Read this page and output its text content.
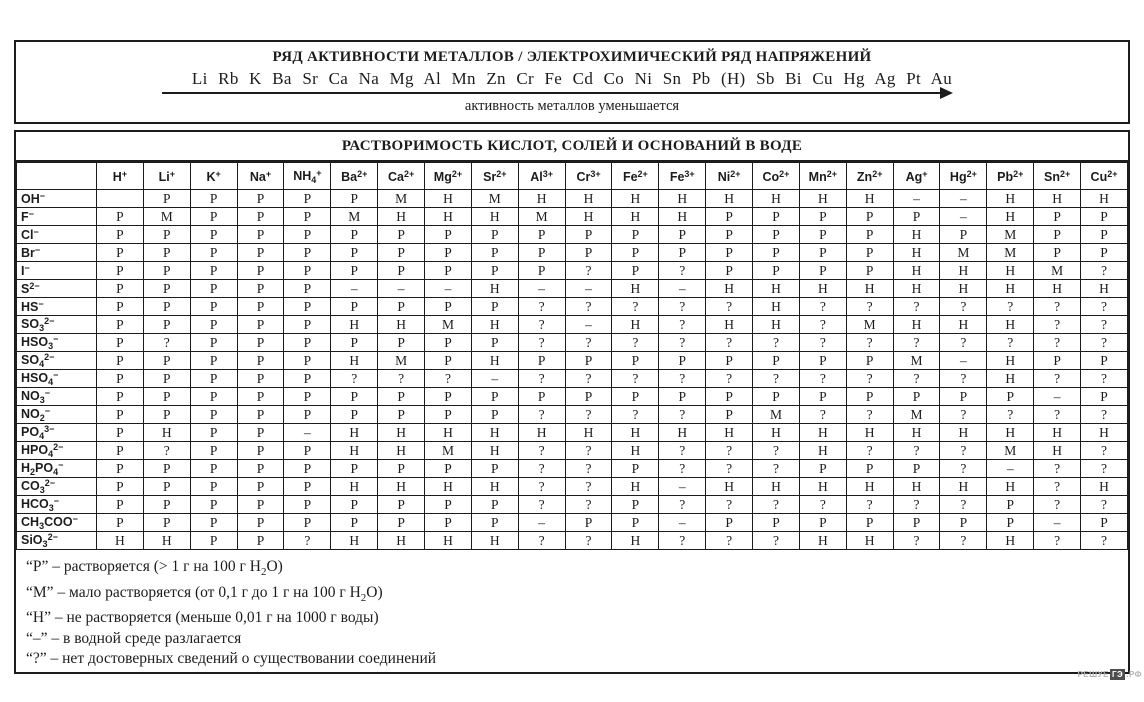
РЯД АКТИВНОСТИ МЕТАЛЛОВ / ЭЛЕКТРОХИМИЧЕСКИЙ РЯД НАПРЯЖЕНИЙ
Li Rb K Ba Sr Ca Na Mg Al Mn Zn Cr Fe Cd Co Ni Sn Pb (H) Sb Bi Cu Hg Ag Pt Au
активность металлов уменьшается
РАСТВОРИМОСТЬ КИСЛОТ, СОЛЕЙ И ОСНОВАНИЙ В ВОДЕ
	H+	Li+	K+	Na+	$NH_4^+$	$Ba^{2+}$	$Ca^{2+}$	$Mg^{2+}$	$Sr^{2+}$	$Al^{3+}$	$Cr^{3+}$	$Fe^{2+}$	$Fe^{3+}$	$Ni^{2+}$	$Co^{2+}$	$Mn^{2+}$	$Zn^{2+}$	Ag+	$Hg^{2+}$	$Pb^{2+}$	$Sn^{2+}$	$Cu^{2+}$
OH−		Р	Р	Р	Р	Р	М	Н	М	Н	Н	Н	Н	Н	Н	Н	Н	–	–	Н	Н	Н
F−	Р	М	Р	Р	Р	М	Н	Н	Н	М	Н	Н	Н	Р	Р	Р	Р	Р	–	Н	Р	Р
Cl−	Р	Р	Р	Р	Р	Р	Р	Р	Р	Р	Р	Р	Р	Р	Р	Р	Р	Н	Р	М	Р	Р
Br−	Р	Р	Р	Р	Р	Р	Р	Р	Р	Р	Р	Р	Р	Р	Р	Р	Р	Н	М	М	Р	Р
I−	Р	Р	Р	Р	Р	Р	Р	Р	Р	Р	?	Р	?	Р	Р	Р	Р	Н	Н	Н	М	?
$S^{2-}$	Р	Р	Р	Р	Р	–	–	–	Н	–	–	Н	–	Н	Н	Н	Н	Н	Н	Н	Н	Н
HS−	Р	Р	Р	Р	Р	Р	Р	Р	Р	?	?	?	?	?	Н	?	?	?	?	?	?	?
$SO_3^{2-}$	Р	Р	Р	Р	Р	Н	Н	М	Н	?	–	Н	?	Н	Н	?	М	Н	Н	Н	?	?
$HSO_3^-$	Р	?	Р	Р	Р	Р	Р	Р	Р	?	?	?	?	?	?	?	?	?	?	?	?	?
$SO_4^{2-}$	Р	Р	Р	Р	Р	Н	М	Р	Н	Р	Р	Р	Р	Р	Р	Р	Р	М	–	Н	Р	Р
$HSO_4^-$	Р	Р	Р	Р	Р	?	?	?	–	?	?	?	?	?	?	?	?	?	?	Н	?	?
$NO_3^-$	Р	Р	Р	Р	Р	Р	Р	Р	Р	Р	Р	Р	Р	Р	Р	Р	Р	Р	Р	Р	–	Р
$NO_2^-$	Р	Р	Р	Р	Р	Р	Р	Р	Р	?	?	?	?	Р	М	?	?	М	?	?	?	?
$PO_4^{3-}$	Р	Н	Р	Р	–	Н	Н	Н	Н	Н	Н	Н	Н	Н	Н	Н	Н	Н	Н	Н	Н	Н
$HPO_4^{2-}$	Р	?	Р	Р	Р	Н	Н	М	Н	?	?	Н	?	?	?	Н	?	?	?	М	Н	?
$H_2PO_4^-$	Р	Р	Р	Р	Р	Р	Р	Р	Р	?	?	Р	?	?	?	Р	Р	Р	?	–	?	?
$CO_3^{2-}$	Р	Р	Р	Р	Р	Н	Н	Н	Н	?	?	Н	–	Н	Н	Н	Н	Н	Н	Н	?	Н
$HCO_3^-$	Р	Р	Р	Р	Р	Р	Р	Р	Р	?	?	Р	?	?	?	?	?	?	?	Р	?	?
$CH_3COO^-$	Р	Р	Р	Р	Р	Р	Р	Р	Р	–	Р	Р	–	Р	Р	Р	Р	Р	Р	Р	–	Р
SiO$_3^{2-}$	Н	Н	Р	Р	?	Н	Н	Н	Н	?	?	Н	?	?	?	Н	Н	?	?	Н	?	?
“Р” – растворяется (> 1 г на 100 г $H_2O$)
“М” – мало растворяется (от 0,1 г до 1 г на 100 г $H_2O$)
“Н” – не растворяется (меньше 0,01 г на 1000 г воды)
“–” – в водной среде разлагается
“?” – нет достоверных сведений о существовании соединений
РЕШУЕ ГЭ .РФ
